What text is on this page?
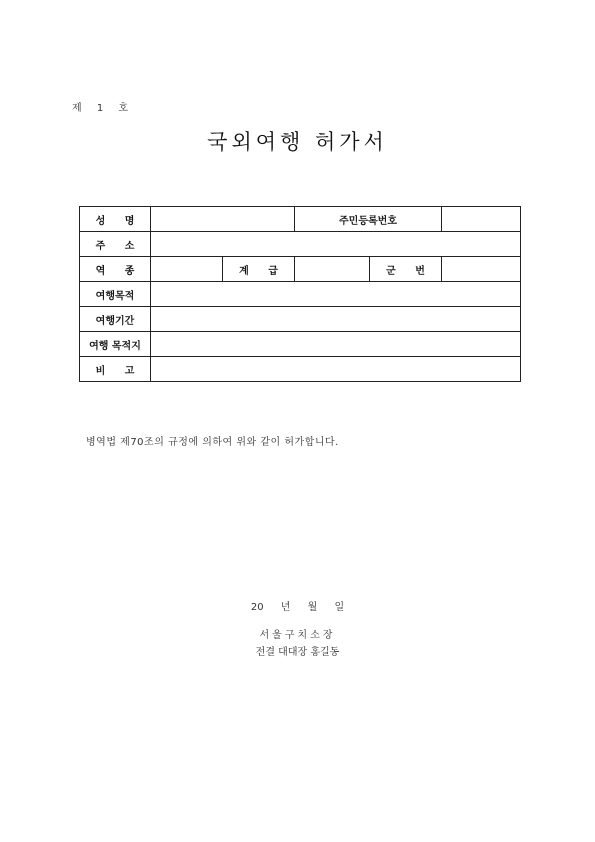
제 1 호
국외여행 허가서
성 명			주민등록번호		
주 소					
역 종		계 급		군 번	
여행목적					
여행기간					
여행 목적지					
비 고					
병역법 제70조의 규정에 의하여 위와 같이 허가합니다.
20 년 월 일
서울구치소장
전결 대대장 홍길동
